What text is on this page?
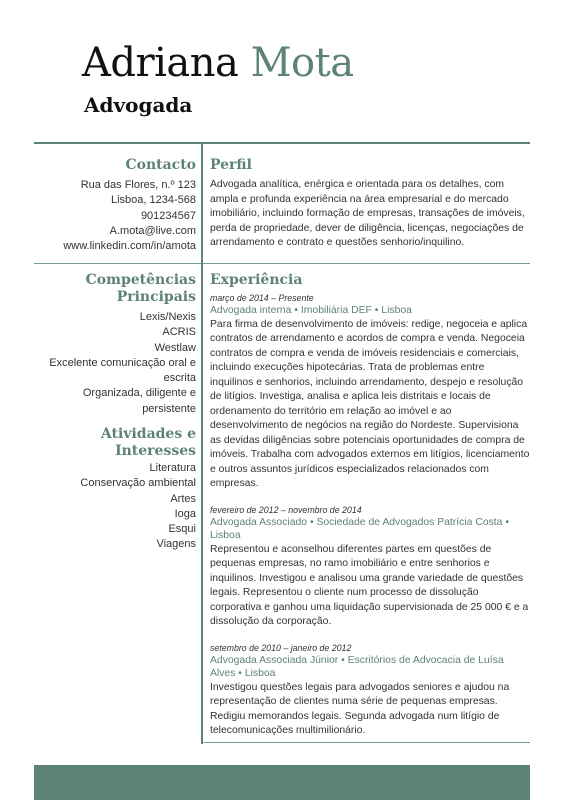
Adriana Mota
Advogada
Contacto
Rua das Flores, n.º 123
Lisboa, 1234-568
901234567
A.mota@live.com
www.linkedin.com/in/amota
Competências
Principais
Lexis/Nexis
ACRIS
Westlaw
Excelente comunicação oral e escrita
Organizada, diligente e persistente
Atividades e
Interesses
Literatura
Conservação ambiental
Artes
Ioga
Esqui
Viagens
Perfil
Advogada analítica, enérgica e orientada para os detalhes, com ampla e profunda experiência na área empresarial e do mercado imobiliário, incluindo formação de empresas, transações de imóveis, perda de propriedade, dever de diligência, licenças, negociações de arrendamento e contrato e questões senhorio/inquilino.
Experiência
março de 2014 – Presente
Advogada interna • Imobiliária DEF • Lisboa
Para firma de desenvolvimento de imóveis: redige, negoceia e aplica contratos de arrendamento e acordos de compra e venda. Negoceia contratos de compra e venda de imóveis residenciais e comerciais, incluindo execuções hipotecárias. Trata de problemas entre inquilinos e senhorios, incluindo arrendamento, despejo e resolução de litígios. Investiga, analisa e aplica leis distritais e locais de ordenamento do território em relação ao imóvel e ao desenvolvimento de negócios na região do Nordeste. Supervisiona as devidas diligências sobre potenciais oportunidades de compra de imóveis. Trabalha com advogados externos em litígios, licenciamento e outros assuntos jurídicos especializados relacionados com empresas.
fevereiro de 2012 – novembro de 2014
Advogada Associado • Sociedade de Advogados Patrícia Costa • Lisboa
Representou e aconselhou diferentes partes em questões de pequenas empresas, no ramo imobiliário e entre senhorios e inquilinos. Investigou e analisou uma grande variedade de questões legais. Representou o cliente num processo de dissolução corporativa e ganhou uma liquidação supervisionada de 25 000 € e a dissolução da corporação.
setembro de 2010 – janeiro de 2012
Advogada Associada Júnior • Escritórios de Advocacia de Luísa Alves • Lisboa
Investigou questões legais para advogados seniores e ajudou na representação de clientes numa série de pequenas empresas. Redigiu memorandos legais. Segunda advogada num litígio de telecomunicações multimilionário.
